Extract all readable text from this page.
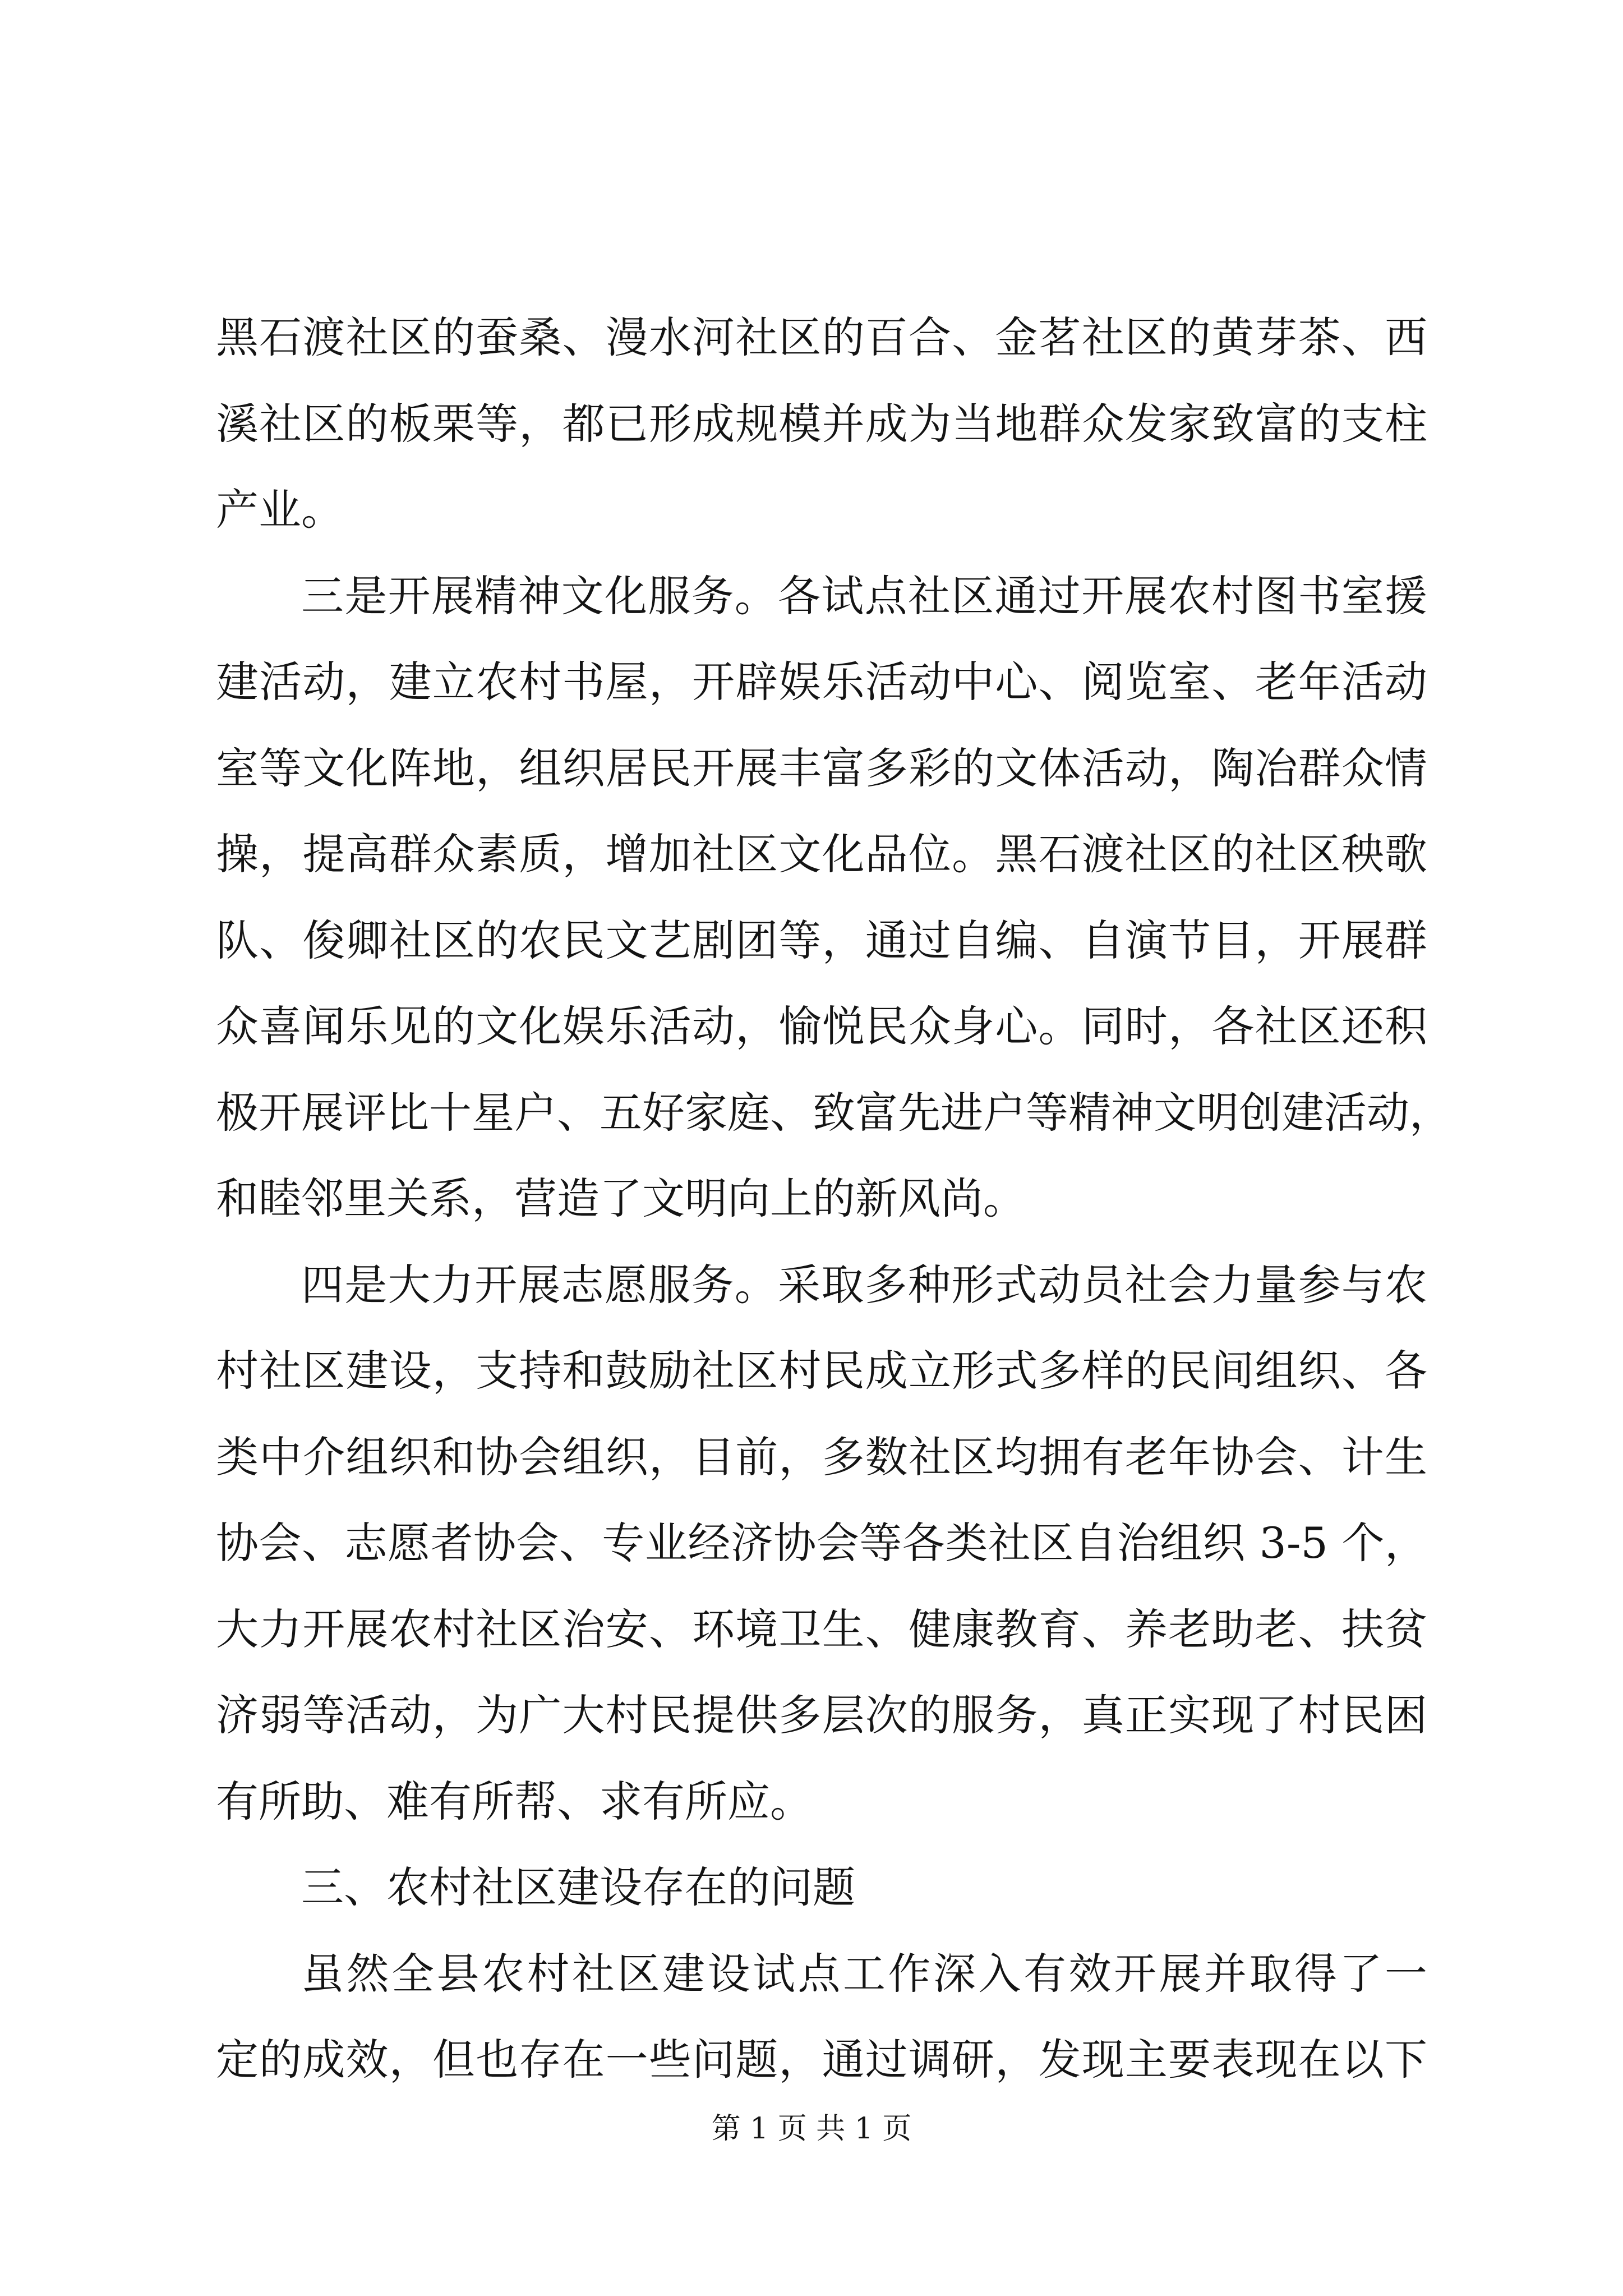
黑石渡社区的蚕桑、漫水河社区的百合、金茗社区的黄芽茶、西
溪社区的板栗等，都已形成规模并成为当地群众发家致富的支柱
产业。
三是开展精神文化服务。各试点社区通过开展农村图书室援
建活动，建立农村书屋，开辟娱乐活动中心、阅览室、老年活动
室等文化阵地，组织居民开展丰富多彩的文体活动，陶冶群众情
操，提高群众素质，增加社区文化品位。黑石渡社区的社区秧歌
队、俊卿社区的农民文艺剧团等，通过自编、自演节目，开展群
众喜闻乐见的文化娱乐活动，愉悦民众身心。同时，各社区还积
极开展评比十星户、五好家庭、致富先进户等精神文明创建活动，
和睦邻里关系，营造了文明向上的新风尚。
四是大力开展志愿服务。采取多种形式动员社会力量参与农
村社区建设，支持和鼓励社区村民成立形式多样的民间组织、各
类中介组织和协会组织，目前，多数社区均拥有老年协会、计生
协会、志愿者协会、专业经济协会等各类社区自治组织 3-5 个，
大力开展农村社区治安、环境卫生、健康教育、养老助老、扶贫
济弱等活动，为广大村民提供多层次的服务，真正实现了村民困
有所助、难有所帮、求有所应。
三、农村社区建设存在的问题
虽然全县农村社区建设试点工作深入有效开展并取得了一
定的成效，但也存在一些问题，通过调研，发现主要表现在以下
第 1 页 共 1 页
